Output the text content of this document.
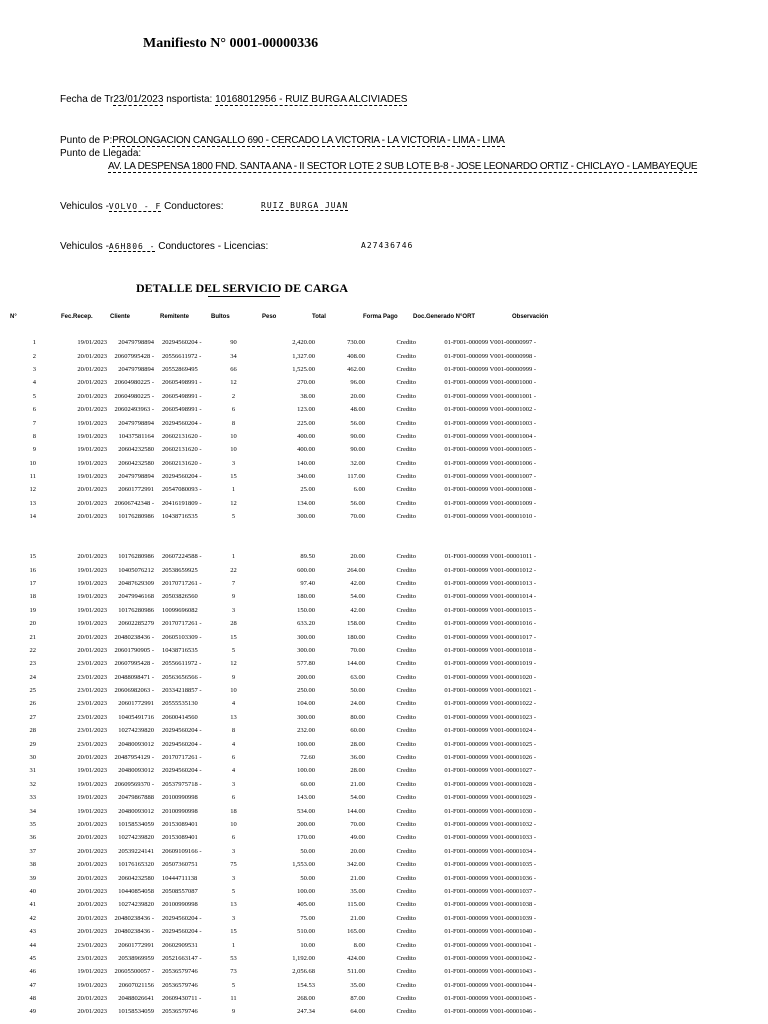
Manifiesto N° 0001-00000336
Fecha de Tr23/01/2023 nsportista: 10168012956 - RUIZ BURGA ALCIVIADES
Punto de P:PROLONGACION CANGALLO 690 - CERCADO LA VICTORIA - LA VICTORIA - LIMA - LIMA
Punto de Llegada:
AV. LA DESPENSA 1800 FND. SANTA ANA - II SECTOR LOTE 2 SUB LOTE B-8 - JOSE LEONARDO ORTIZ - CHICLAYO - LAMBAYEQUE
Vehiculos -VOLVO - F Conductores:	RUIZ BURGA JUAN
Vehiculos -A6H806 - Conductores - Licencias:	A27436746
DETALLE DEL SERVICIO DE CARGA
N°	Fec.Recep.	Cliente	Remitente	Bultos	Peso	Total	Forma Pago	Doc.Generado N°ORT	Observación
1	19/01/2023	20479798894	20294560204 -	90	2,420.00	730.00	Credito	01-F001-000099 V001-00000997 -
2	20/01/2023	20607995428 -	20556611972 -	34	1,327.00	408.00	Credito	01-F001-000099 V001-00000998 -
3	20/01/2023	20479798894	20552869495	66	1,525.00	462.00	Credito	01-F001-000099 V001-00000999 -
4	20/01/2023	20604980225 -	20605498991 -	12	270.00	96.00	Credito	01-F001-000099 V001-00001000 -
5	20/01/2023	20604980225 -	20605498991 -	2	38.00	20.00	Credito	01-F001-000099 V001-00001001 -
6	20/01/2023	20602493963 -	20605498991 -	6	123.00	48.00	Credito	01-F001-000099 V001-00001002 -
7	19/01/2023	20479798894	20294560204 -	8	225.00	56.00	Credito	01-F001-000099 V001-00001003 -
8	19/01/2023	10437581164	20602131620 -	10	400.00	90.00	Credito	01-F001-000099 V001-00001004 -
9	19/01/2023	20604232580	20602131620 -	10	400.00	90.00	Credito	01-F001-000099 V001-00001005 -
10	19/01/2023	20604232580	20602131620 -	3	140.00	32.00	Credito	01-F001-000099 V001-00001006 -
11	19/01/2023	20479798894	20294560204 -	15	340.00	117.00	Credito	01-F001-000099 V001-00001007 -
12	20/01/2023	20601772991	20547080093 -	1	25.00	6.00	Credito	01-F001-000099 V001-00001008 -
13	20/01/2023	20606742348 -	20416191809 -	12	134.00	56.00	Credito	01-F001-000099 V001-00001009 -
14	20/01/2023	10176280986	10438716535	5	300.00	70.00	Credito	01-F001-000099 V001-00001010 -
15	20/01/2023	10176280986	20607224588 -	1	89.50	20.00	Credito	01-F001-000099 V001-00001011 -
16	19/01/2023	10405076212	20538659925	22	600.00	264.00	Credito	01-F001-000099 V001-00001012 -
17	19/01/2023	20487629309	20170717261 -	7	97.40	42.00	Credito	01-F001-000099 V001-00001013 -
18	19/01/2023	20479946168	20503826560	9	180.00	54.00	Credito	01-F001-000099 V001-00001014 -
19	19/01/2023	10176280986	10099696082	3	150.00	42.00	Credito	01-F001-000099 V001-00001015 -
20	19/01/2023	20602285279	20170717261 -	28	633.20	158.00	Credito	01-F001-000099 V001-00001016 -
21	20/01/2023	20480238436 -	20605103309 -	15	300.00	180.00	Credito	01-F001-000099 V001-00001017 -
22	20/01/2023	20601790905 -	10438716535	5	300.00	70.00	Credito	01-F001-000099 V001-00001018 -
23	23/01/2023	20607995428 -	20556611972 -	12	577.80	144.00	Credito	01-F001-000099 V001-00001019 -
24	23/01/2023	20488098471 -	20563656566 -	9	200.00	63.00	Credito	01-F001-000099 V001-00001020 -
25	23/01/2023	20606982063 -	20334218857 -	10	250.00	50.00	Credito	01-F001-000099 V001-00001021 -
26	23/01/2023	20601772991	20555535130	4	104.00	24.00	Credito	01-F001-000099 V001-00001022 -
27	23/01/2023	10405491716	20600414560	13	300.00	80.00	Credito	01-F001-000099 V001-00001023 -
28	23/01/2023	10274239820	20294560204 -	8	232.00	60.00	Credito	01-F001-000099 V001-00001024 -
29	23/01/2023	20480093012	20294560204 -	4	100.00	28.00	Credito	01-F001-000099 V001-00001025 -
30	20/01/2023	20487954129 -	20170717261 -	6	72.60	36.00	Credito	01-F001-000099 V001-00001026 -
31	19/01/2023	20480093012	20294560204 -	4	100.00	28.00	Credito	01-F001-000099 V001-00001027 -
32	19/01/2023	20609569370 -	20537975718 -	3	60.00	21.00	Credito	01-F001-000099 V001-00001028 -
33	19/01/2023	20479867888	20100990998	6	143.00	54.00	Credito	01-F001-000099 V001-00001029 -
34	19/01/2023	20480093012	20100990998	18	534.00	144.00	Credito	01-F001-000099 V001-00001030 -
35	20/01/2023	10158534059	20153089401	10	200.00	70.00	Credito	01-F001-000099 V001-00001032 -
36	20/01/2023	10274239820	20153089401	6	170.00	49.00	Credito	01-F001-000099 V001-00001033 -
37	20/01/2023	20539224141	20609109166 -	3	50.00	20.00	Credito	01-F001-000099 V001-00001034 -
38	20/01/2023	10176165320	20507360751	75	1,553.00	342.00	Credito	01-F001-000099 V001-00001035 -
39	20/01/2023	20604232580	10444711138	3	50.00	21.00	Credito	01-F001-000099 V001-00001036 -
40	20/01/2023	10440854058	20508557087	5	100.00	35.00	Credito	01-F001-000099 V001-00001037 -
41	20/01/2023	10274239820	20100990998	13	405.00	115.00	Credito	01-F001-000099 V001-00001038 -
42	20/01/2023	20480238436 -	20294560204 -	3	75.00	21.00	Credito	01-F001-000099 V001-00001039 -
43	20/01/2023	20480238436 -	20294560204 -	15	510.00	165.00	Credito	01-F001-000099 V001-00001040 -
44	23/01/2023	20601772991	20602909531	1	10.00	8.00	Credito	01-F001-000099 V001-00001041 -
45	23/01/2023	20538969959	20521663147 -	53	1,192.00	424.00	Credito	01-F001-000099 V001-00001042 -
46	19/01/2023	20605500057 -	20536579746	73	2,056.68	511.00	Credito	01-F001-000099 V001-00001043 -
47	19/01/2023	20607021156	20536579746	5	154.53	35.00	Credito	01-F001-000099 V001-00001044 -
48	20/01/2023	20488026641	20609430711 -	11	268.00	87.00	Credito	01-F001-000099 V001-00001045 -
49	20/01/2023	10158534059	20536579746	9	247.34	64.00	Credito	01-F001-000099 V001-00001046 -
